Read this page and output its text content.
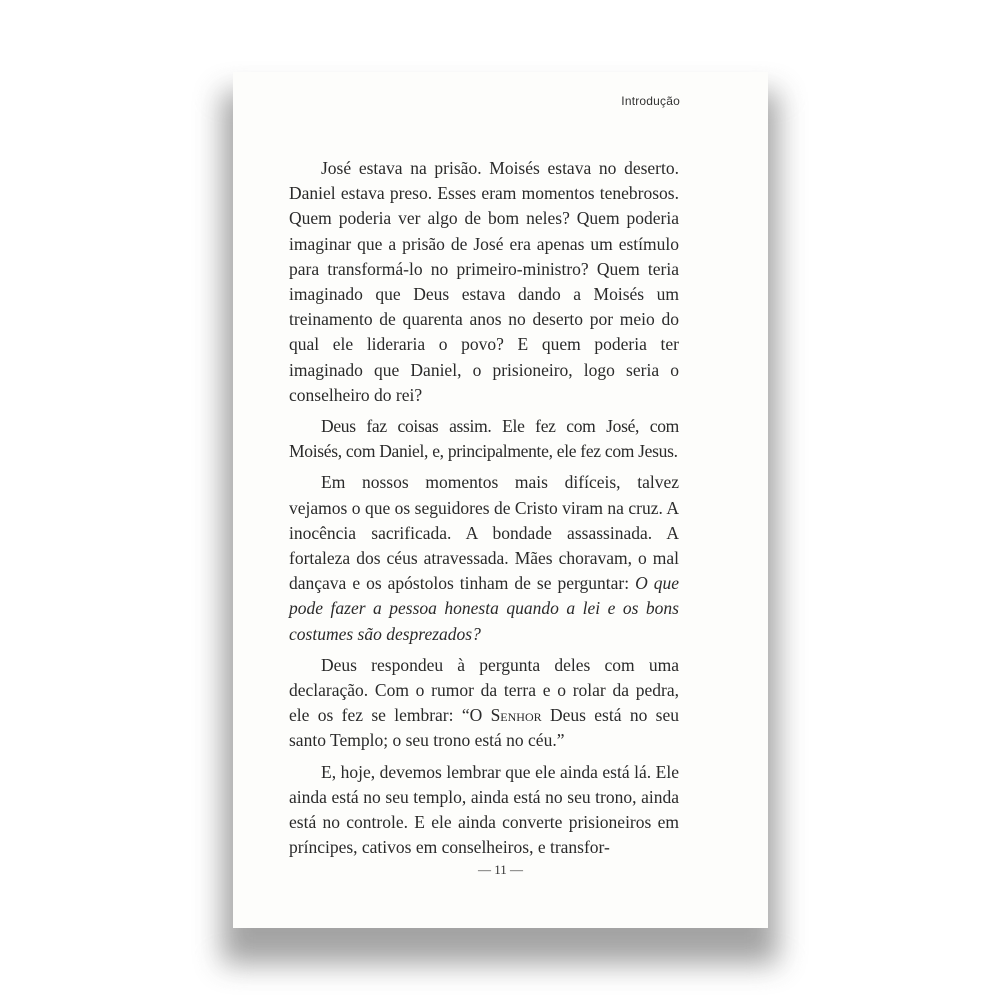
Introdução

José estava na prisão. Moisés estava no deserto. Daniel estava preso. Esses eram momentos tenebrosos. Quem poderia ver algo de bom neles? Quem poderia imaginar que a prisão de José era apenas um estímulo para transformá-lo no primeiro-ministro? Quem teria imaginado que Deus estava dando a Moisés um treinamento de quarenta anos no deserto por meio do qual ele lideraria o povo? E quem poderia ter imaginado que Daniel, o prisioneiro, logo seria o conselheiro do rei?

Deus faz coisas assim. Ele fez com José, com Moisés, com Daniel, e, principalmente, ele fez com Jesus.

Em nossos momentos mais difíceis, talvez vejamos o que os seguidores de Cristo viram na cruz. A inocência sacrificada. A bondade assassinada. A fortaleza dos céus atravessada. Mães choravam, o mal dançava e os apóstolos tinham de se perguntar: O que pode fazer a pessoa honesta quando a lei e os bons costumes são desprezados?

Deus respondeu à pergunta deles com uma declaração. Com o rumor da terra e o rolar da pedra, ele os fez se lembrar: “O Senhor Deus está no seu santo Templo; o seu trono está no céu.”

E, hoje, devemos lembrar que ele ainda está lá. Ele ainda está no seu templo, ainda está no seu trono, ainda está no controle. E ele ainda converte prisioneiros em príncipes, cativos em conselheiros, e transfor-

— 11 —
